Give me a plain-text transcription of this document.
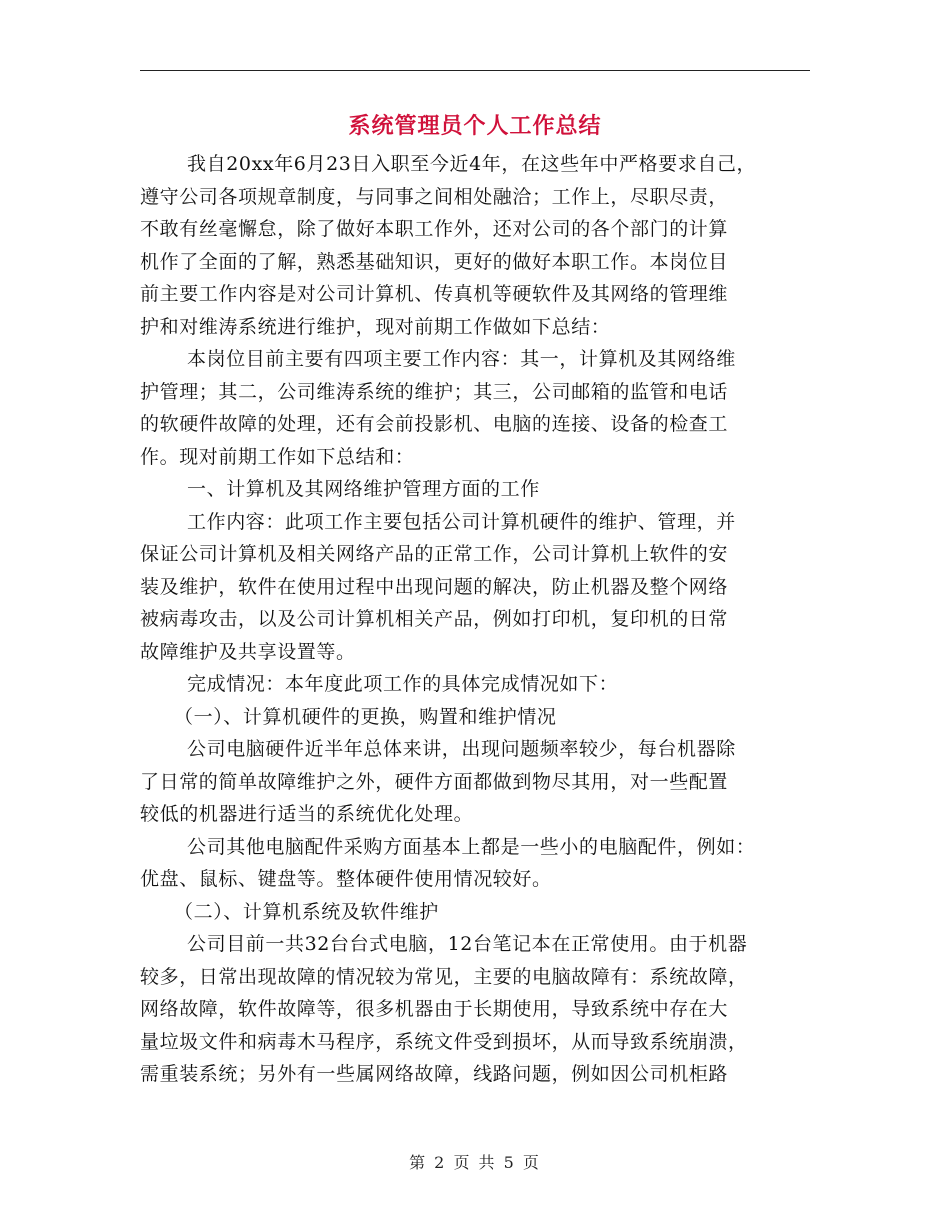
系统管理员个人工作总结
我自20xx年6月23日入职至今近4年，在这些年中严格要求自己，
遵守公司各项规章制度，与同事之间相处融洽；工作上，尽职尽责，
不敢有丝毫懈怠，除了做好本职工作外，还对公司的各个部门的计算
机作了全面的了解，熟悉基础知识，更好的做好本职工作。本岗位目
前主要工作内容是对公司计算机、传真机等硬软件及其网络的管理维
护和对维涛系统进行维护，现对前期工作做如下总结：
本岗位目前主要有四项主要工作内容：其一，计算机及其网络维
护管理；其二，公司维涛系统的维护；其三，公司邮箱的监管和电话
的软硬件故障的处理，还有会前投影机、电脑的连接、设备的检查工
作。现对前期工作如下总结和：
一、计算机及其网络维护管理方面的工作
工作内容：此项工作主要包括公司计算机硬件的维护、管理，并
保证公司计算机及相关网络产品的正常工作，公司计算机上软件的安
装及维护，软件在使用过程中出现问题的解决，防止机器及整个网络
被病毒攻击，以及公司计算机相关产品，例如打印机，复印机的日常
故障维护及共享设置等。
完成情况：本年度此项工作的具体完成情况如下：
（一）、计算机硬件的更换，购置和维护情况
公司电脑硬件近半年总体来讲，出现问题频率较少，每台机器除
了日常的简单故障维护之外，硬件方面都做到物尽其用，对一些配置
较低的机器进行适当的系统优化处理。
公司其他电脑配件采购方面基本上都是一些小的电脑配件，例如：
优盘、鼠标、键盘等。整体硬件使用情况较好。
（二）、计算机系统及软件维护
公司目前一共32台台式电脑，12台笔记本在正常使用。由于机器
较多，日常出现故障的情况较为常见，主要的电脑故障有：系统故障，
网络故障，软件故障等，很多机器由于长期使用，导致系统中存在大
量垃圾文件和病毒木马程序，系统文件受到损坏，从而导致系统崩溃，
需重装系统；另外有一些属网络故障，线路问题，例如因公司机柜路
第 2 页 共 5 页
